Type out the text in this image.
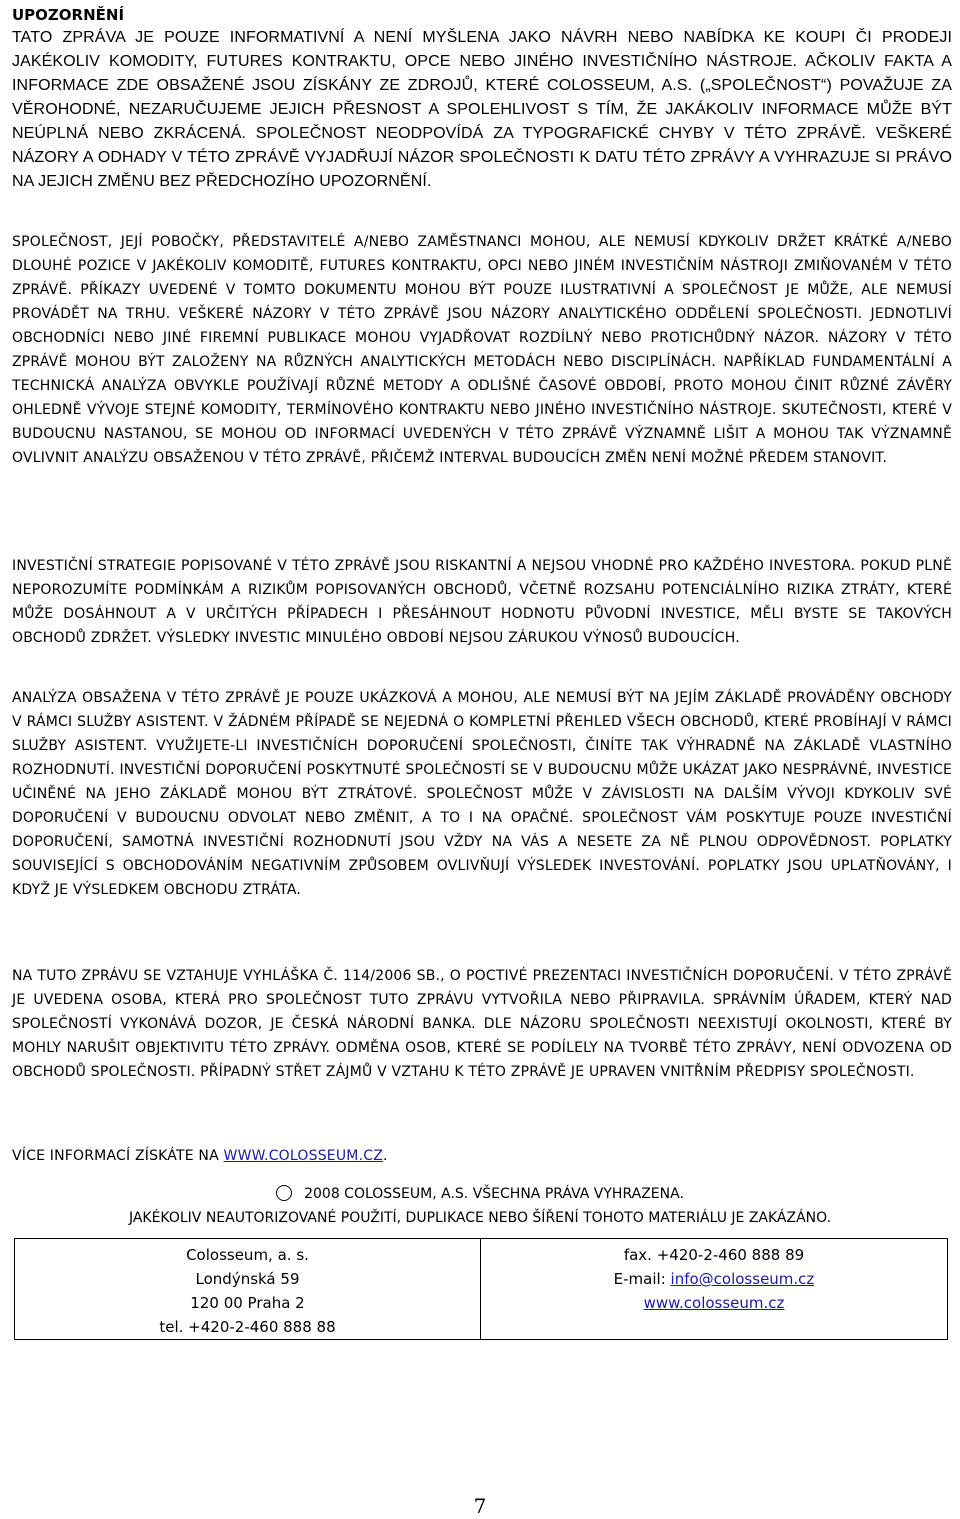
UPOZORNĚNÍ

TATO ZPRÁVA JE POUZE INFORMATIVNÍ A NENÍ MYŠLENA JAKO NÁVRH NEBO NABÍDKA KE KOUPI ČI PRODEJI JAKÉKOLIV KOMODITY, FUTURES KONTRAKTU, OPCE NEBO JINÉHO INVESTIČNÍHO NÁSTROJE. AČKOLIV FAKTA A INFORMACE ZDE OBSAŽENÉ JSOU ZÍSKÁNY ZE ZDROJŮ, KTERÉ COLOSSEUM, A.S. („SPOLEČNOST“) POVAŽUJE ZA VĚROHODNÉ, NEZARUČUJEME JEJICH PŘESNOST A SPOLEHLIVOST S TÍM, ŽE JAKÁKOLIV INFORMACE MŮŽE BÝT NEÚPLNÁ NEBO ZKRÁCENÁ. SPOLEČNOST NEODPOVÍDÁ ZA TYPOGRAFICKÉ CHYBY V TÉTO ZPRÁVĚ. VEŠKERÉ NÁZORY A ODHADY V TÉTO ZPRÁVĚ VYJADŘUJÍ NÁZOR SPOLEČNOSTI K DATU TÉTO ZPRÁVY A VYHRAZUJE SI PRÁVO NA JEJICH ZMĚNU BEZ PŘEDCHOZÍHO UPOZORNĚNÍ.

SPOLEČNOST, JEJÍ POBOČKY, PŘEDSTAVITELÉ A/NEBO ZAMĚSTNANCI MOHOU, ALE NEMUSÍ KDYKOLIV DRŽET KRÁTKÉ A/NEBO DLOUHÉ POZICE V JAKÉKOLIV KOMODITĚ, FUTURES KONTRAKTU, OPCI NEBO JINÉM INVESTIČNÍM NÁSTROJI ZMIŇOVANÉM V TÉTO ZPRÁVĚ. PŘÍKAZY UVEDENÉ V TOMTO DOKUMENTU MOHOU BÝT POUZE ILUSTRATIVNÍ A SPOLEČNOST JE MŮŽE, ALE NEMUSÍ PROVÁDĚT NA TRHU. VEŠKERÉ NÁZORY V TÉTO ZPRÁVĚ JSOU NÁZORY ANALYTICKÉHO ODDĚLENÍ SPOLEČNOSTI. JEDNOTLIVÍ OBCHODNÍCI NEBO JINÉ FIREMNÍ PUBLIKACE MOHOU VYJADŘOVAT ROZDÍLNÝ NEBO PROTICHŮDNÝ NÁZOR. NÁZORY V TÉTO ZPRÁVĚ MOHOU BÝT ZALOŽENY NA RŮZNÝCH ANALYTICKÝCH METODÁCH NEBO DISCIPLÍNÁCH. NAPŘÍKLAD FUNDAMENTÁLNÍ A TECHNICKÁ ANALÝZA OBVYKLE POUŽÍVAJÍ RŮZNÉ METODY A ODLIŠNÉ ČASOVÉ OBDOBÍ, PROTO MOHOU ČINIT RŮZNÉ ZÁVĚRY OHLEDNĚ VÝVOJE STEJNÉ KOMODITY, TERMÍNOVÉHO KONTRAKTU NEBO JINÉHO INVESTIČNÍHO NÁSTROJE. SKUTEČNOSTI, KTERÉ V BUDOUCNU NASTANOU, SE MOHOU OD INFORMACÍ UVEDENÝCH V TÉTO ZPRÁVĚ VÝZNAMNĚ LIŠIT A MOHOU TAK VÝZNAMNĚ OVLIVNIT ANALÝZU OBSAŽENOU V TÉTO ZPRÁVĚ, PŘIČEMŽ INTERVAL BUDOUCÍCH ZMĚN NENÍ MOŽNÉ PŘEDEM STANOVIT.

INVESTIČNÍ STRATEGIE POPISOVANÉ V TÉTO ZPRÁVĚ JSOU RISKANTNÍ A NEJSOU VHODNÉ PRO KAŽDÉHO INVESTORA. POKUD PLNĚ NEPOROZUMÍTE PODMÍNKÁM A RIZIKŮM POPISOVANÝCH OBCHODŮ, VČETNĚ ROZSAHU POTENCIÁLNÍHO RIZIKA ZTRÁTY, KTERÉ MŮŽE DOSÁHNOUT A V URČITÝCH PŘÍPADECH I PŘESÁHNOUT HODNOTU PŮVODNÍ INVESTICE, MĚLI BYSTE SE TAKOVÝCH OBCHODŮ ZDRŽET. VÝSLEDKY INVESTIC MINULÉHO OBDOBÍ NEJSOU ZÁRUKOU VÝNOSŮ BUDOUCÍCH.

ANALÝZA OBSAŽENA V TÉTO ZPRÁVĚ JE POUZE UKÁZKOVÁ A MOHOU, ALE NEMUSÍ BÝT NA JEJÍM ZÁKLADĚ PROVÁDĚNY OBCHODY V RÁMCI SLUŽBY ASISTENT. V ŽÁDNÉM PŘÍPADĚ SE NEJEDNÁ O KOMPLETNÍ PŘEHLED VŠECH OBCHODŮ, KTERÉ PROBÍHAJÍ V RÁMCI SLUŽBY ASISTENT. VYUŽIJETE-LI INVESTIČNÍCH DOPORUČENÍ SPOLEČNOSTI, ČINÍTE TAK VÝHRADNĚ NA ZÁKLADĚ VLASTNÍHO ROZHODNUTÍ. INVESTIČNÍ DOPORUČENÍ POSKYTNUTÉ SPOLEČNOSTÍ SE V BUDOUCNU MŮŽE UKÁZAT JAKO NESPRÁVNÉ, INVESTICE UČINĚNÉ NA JEHO ZÁKLADĚ MOHOU BÝT ZTRÁTOVÉ. SPOLEČNOST MŮŽE V ZÁVISLOSTI NA DALŠÍM VÝVOJI KDYKOLIV SVÉ DOPORUČENÍ V BUDOUCNU ODVOLAT NEBO ZMĚNIT, A TO I NA OPAČNÉ. SPOLEČNOST VÁM POSKYTUJE POUZE INVESTIČNÍ DOPORUČENÍ, SAMOTNÁ INVESTIČNÍ ROZHODNUTÍ JSOU VŽDY NA VÁS A NESETE ZA NĚ PLNOU ODPOVĚDNOST. POPLATKY SOUVISEJÍCÍ S OBCHODOVÁNÍM NEGATIVNÍM ZPŮSOBEM OVLIVŇUJÍ VÝSLEDEK INVESTOVÁNÍ. POPLATKY JSOU UPLATŇOVÁNY, I KDYŽ JE VÝSLEDKEM OBCHODU ZTRÁTA.

NA TUTO ZPRÁVU SE VZTAHUJE VYHLÁŠKA Č. 114/2006 SB., O POCTIVÉ PREZENTACI INVESTIČNÍCH DOPORUČENÍ. V TÉTO ZPRÁVĚ JE UVEDENA OSOBA, KTERÁ PRO SPOLEČNOST TUTO ZPRÁVU VYTVOŘILA NEBO PŘIPRAVILA. SPRÁVNÍM ÚŘADEM, KTERÝ NAD SPOLEČNOSTÍ VYKONÁVÁ DOZOR, JE ČESKÁ NÁRODNÍ BANKA. DLE NÁZORU SPOLEČNOSTI NEEXISTUJÍ OKOLNOSTI, KTERÉ BY MOHLY NARUŠIT OBJEKTIVITU TÉTO ZPRÁVY. ODMĚNA OSOB, KTERÉ SE PODÍLELY NA TVORBĚ TÉTO ZPRÁVY, NENÍ ODVOZENA OD OBCHODŮ SPOLEČNOSTI. PŘÍPADNÝ STŘET ZÁJMŮ V VZTAHU K TÉTO ZPRÁVĚ JE UPRAVEN VNITŘNÍM PŘEDPISY SPOLEČNOSTI.

VÍCE INFORMACÍ ZÍSKÁTE NA WWW.COLOSSEUM.CZ.

2008 COLOSSEUM, A.S. VŠECHNA PRÁVA VYHRAZENA.

JAKÉKOLIV NEAUTORIZOVANÉ POUŽITÍ, DUPLIKACE NEBO ŠÍŘENÍ TOHOTO MATERIÁLU JE ZAKÁZÁNO.

Colosseum, a. s.
Londýnská 59
120 00 Praha 2
tel. +420-2-460 888 88

fax. +420-2-460 888 89
E-mail: info@colosseum.cz
www.colosseum.cz
7
